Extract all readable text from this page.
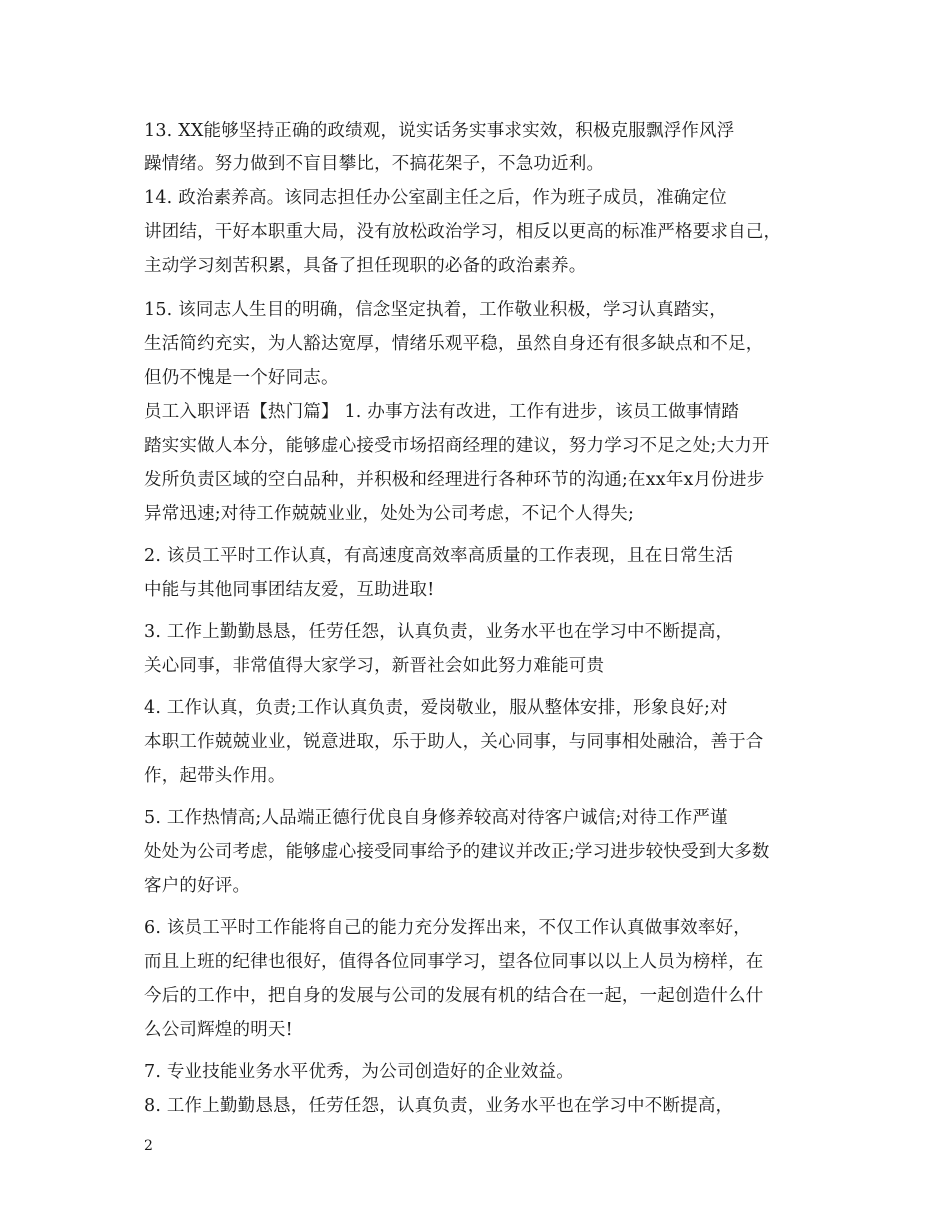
13. XX能够坚持正确的政绩观，说实话务实事求实效，积极克服飘浮作风浮
躁情绪。努力做到不盲目攀比，不搞花架子，不急功近利。
14. 政治素养高。该同志担任办公室副主任之后，作为班子成员，准确定位
讲团结，干好本职重大局，没有放松政治学习，相反以更高的标准严格要求自己，
主动学习刻苦积累，具备了担任现职的必备的政治素养。
15. 该同志人生目的明确，信念坚定执着，工作敬业积极，学习认真踏实，
生活简约充实，为人豁达宽厚，情绪乐观平稳，虽然自身还有很多缺点和不足，
但仍不愧是一个好同志。
员工入职评语【热门篇】 1. 办事方法有改进，工作有进步，该员工做事情踏
踏实实做人本分，能够虚心接受市场招商经理的建议，努力学习不足之处;大力开
发所负责区域的空白品种，并积极和经理进行各种环节的沟通;在xx年x月份进步
异常迅速;对待工作兢兢业业，处处为公司考虑，不记个人得失;
2. 该员工平时工作认真，有高速度高效率高质量的工作表现，且在日常生活
中能与其他同事团结友爱，互助进取!
3. 工作上勤勤恳恳，任劳任怨，认真负责，业务水平也在学习中不断提高，
关心同事，非常值得大家学习，新晋社会如此努力难能可贵
4. 工作认真，负责;工作认真负责，爱岗敬业，服从整体安排，形象良好;对
本职工作兢兢业业，锐意进取，乐于助人，关心同事，与同事相处融洽，善于合
作，起带头作用。
5. 工作热情高;人品端正德行优良自身修养较高对待客户诚信;对待工作严谨
处处为公司考虑，能够虚心接受同事给予的建议并改正;学习进步较快受到大多数
客户的好评。
6. 该员工平时工作能将自己的能力充分发挥出来，不仅工作认真做事效率好，
而且上班的纪律也很好，值得各位同事学习，望各位同事以以上人员为榜样，在
今后的工作中，把自身的发展与公司的发展有机的结合在一起，一起创造什么什
么公司辉煌的明天!
7. 专业技能业务水平优秀，为公司创造好的企业效益。
8. 工作上勤勤恳恳，任劳任怨，认真负责，业务水平也在学习中不断提高，
2
